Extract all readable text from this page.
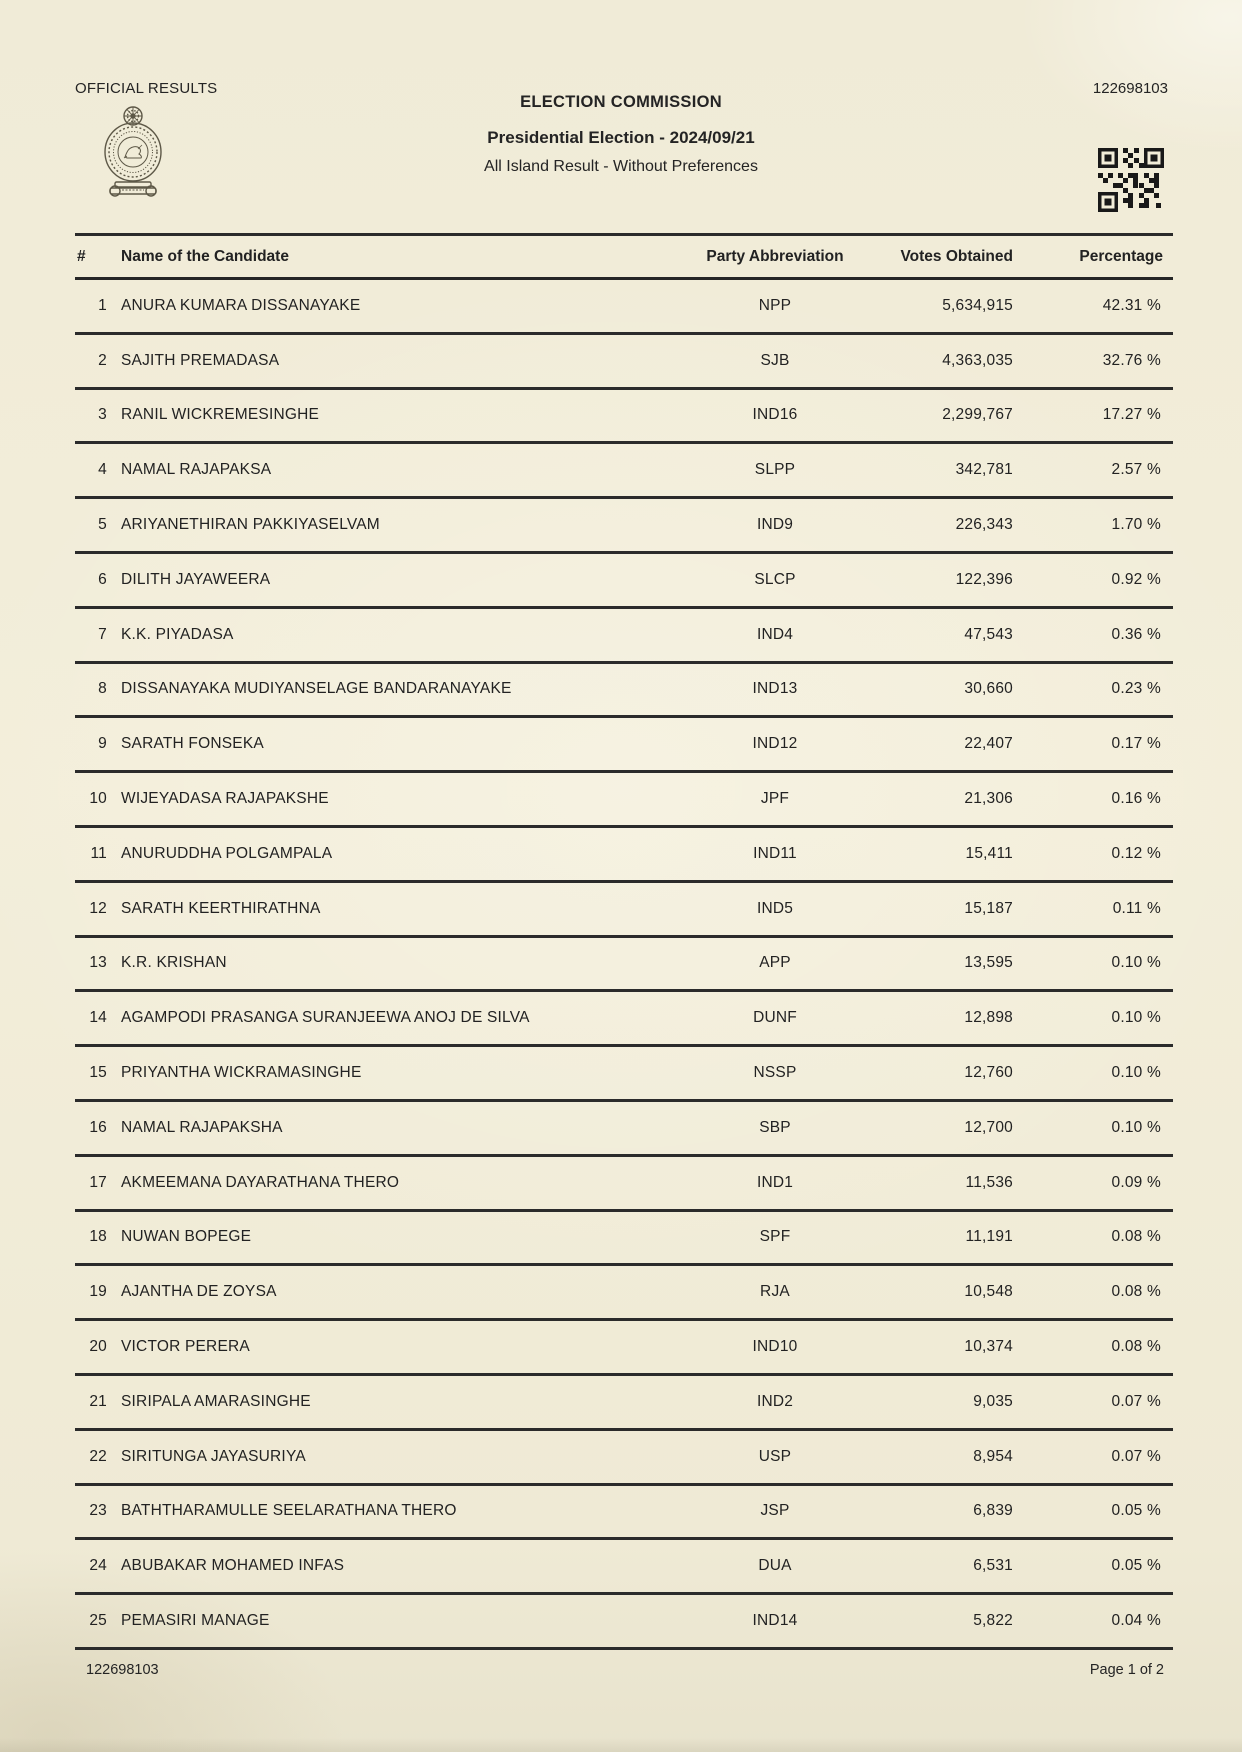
OFFICIAL RESULTS	122698103
ELECTION COMMISSION
Presidential Election - 2024/09/21
All Island Result - Without Preferences
#	Name of the Candidate	Party Abbreviation	Votes Obtained	Percentage
1	ANURA KUMARA DISSANAYAKE	NPP	5,634,915	42.31 %
2	SAJITH PREMADASA	SJB	4,363,035	32.76 %
3	RANIL WICKREMESINGHE	IND16	2,299,767	17.27 %
4	NAMAL RAJAPAKSA	SLPP	342,781	2.57 %
5	ARIYANETHIRAN PAKKIYASELVAM	IND9	226,343	1.70 %
6	DILITH JAYAWEERA	SLCP	122,396	0.92 %
7	K.K. PIYADASA	IND4	47,543	0.36 %
8	DISSANAYAKA MUDIYANSELAGE BANDARANAYAKE	IND13	30,660	0.23 %
9	SARATH FONSEKA	IND12	22,407	0.17 %
10	WIJEYADASA RAJAPAKSHE	JPF	21,306	0.16 %
11	ANURUDDHA POLGAMPALA	IND11	15,411	0.12 %
12	SARATH KEERTHIRATHNA	IND5	15,187	0.11 %
13	K.R. KRISHAN	APP	13,595	0.10 %
14	AGAMPODI PRASANGA SURANJEEWA ANOJ DE SILVA	DUNF	12,898	0.10 %
15	PRIYANTHA WICKRAMASINGHE	NSSP	12,760	0.10 %
16	NAMAL RAJAPAKSHA	SBP	12,700	0.10 %
17	AKMEEMANA DAYARATHANA THERO	IND1	11,536	0.09 %
18	NUWAN BOPEGE	SPF	11,191	0.08 %
19	AJANTHA DE ZOYSA	RJA	10,548	0.08 %
20	VICTOR PERERA	IND10	10,374	0.08 %
21	SIRIPALA AMARASINGHE	IND2	9,035	0.07 %
22	SIRITUNGA JAYASURIYA	USP	8,954	0.07 %
23	BATHTHARAMULLE SEELARATHANA THERO	JSP	6,839	0.05 %
24	ABUBAKAR MOHAMED INFAS	DUA	6,531	0.05 %
25	PEMASIRI MANAGE	IND14	5,822	0.04 %
122698103	Page 1 of 2
